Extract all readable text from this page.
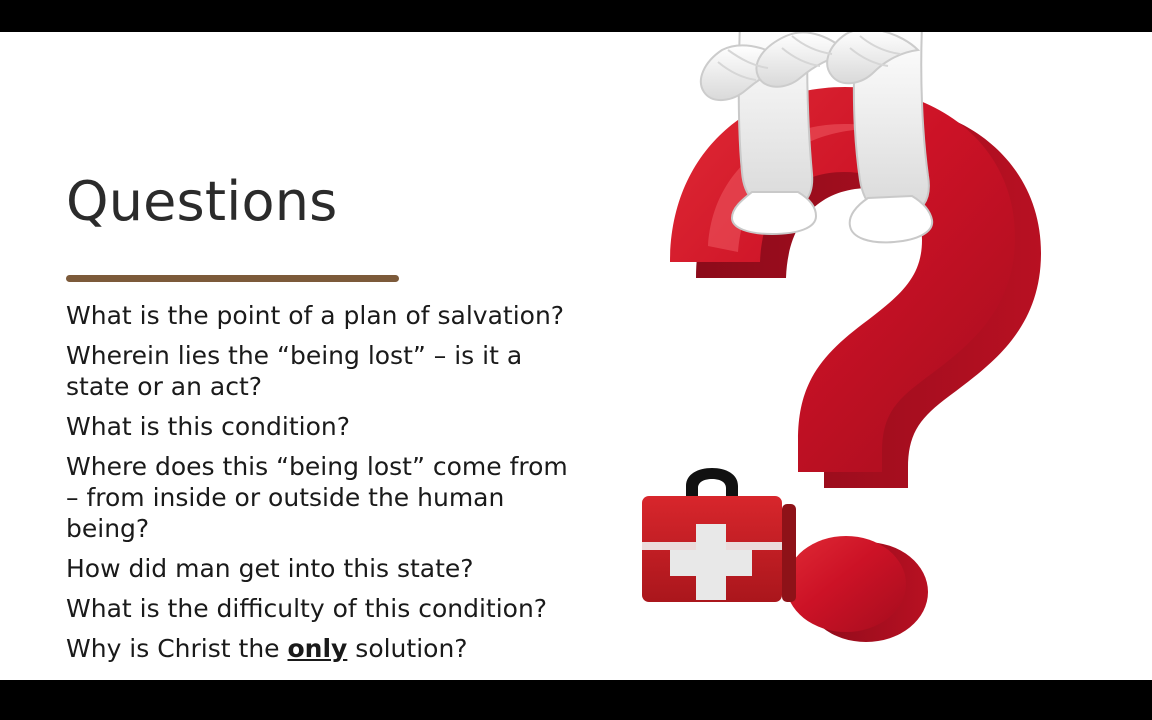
Questions
What is the point of a plan of salvation?
Wherein lies the “being lost” – is it a state or an act?
What is this condition?
Where does this “being lost” come from – from inside or outside the human being?
How did man get into this state?
What is the difficulty of this condition?
Why is Christ the only solution?
